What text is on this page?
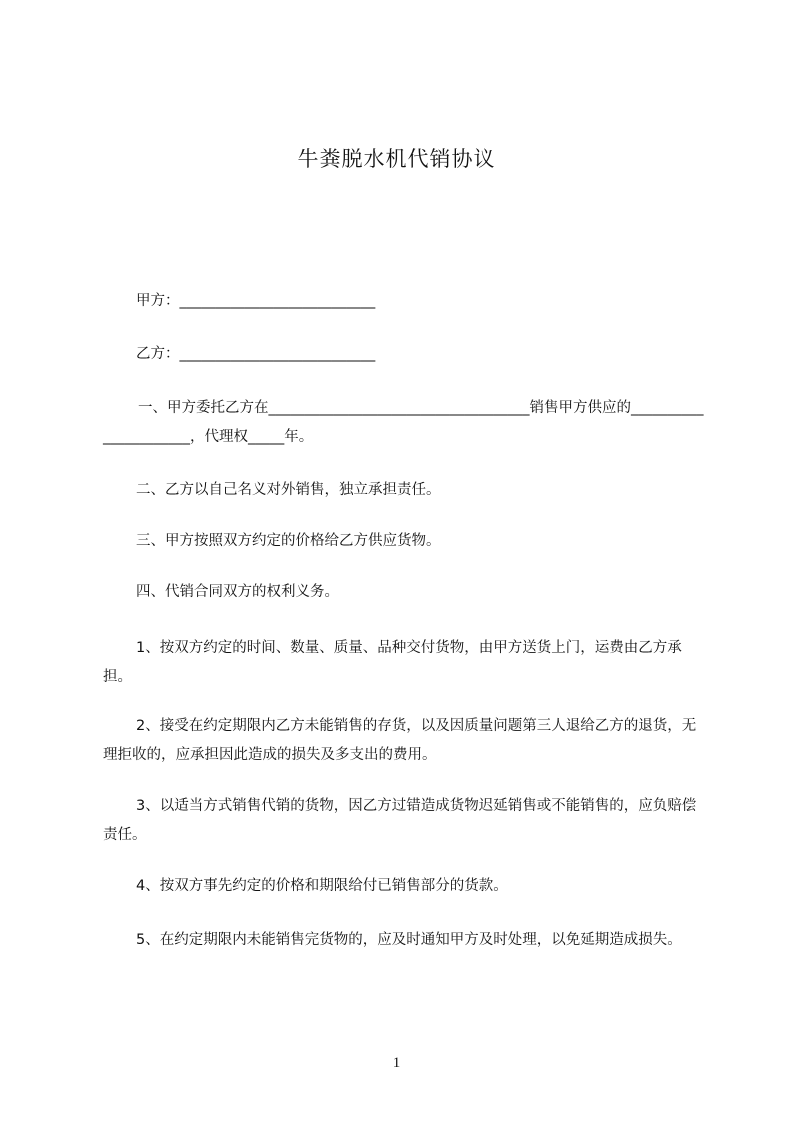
牛粪脱水机代销协议
甲方：___________________________
乙方：___________________________
一、甲方委托乙方在____________________________________销售甲方供应的______________________，代理权_____年。
二、乙方以自己名义对外销售，独立承担责任。
三、甲方按照双方约定的价格给乙方供应货物。
四、代销合同双方的权利义务。
1、按双方约定的时间、数量、质量、品种交付货物，由甲方送货上门，运费由乙方承担。
2、接受在约定期限内乙方未能销售的存货，以及因质量问题第三人退给乙方的退货，无理拒收的，应承担因此造成的损失及多支出的费用。
3、以适当方式销售代销的货物，因乙方过错造成货物迟延销售或不能销售的，应负赔偿责任。
4、按双方事先约定的价格和期限给付已销售部分的货款。
5、在约定期限内未能销售完货物的，应及时通知甲方及时处理，以免延期造成损失。
1
